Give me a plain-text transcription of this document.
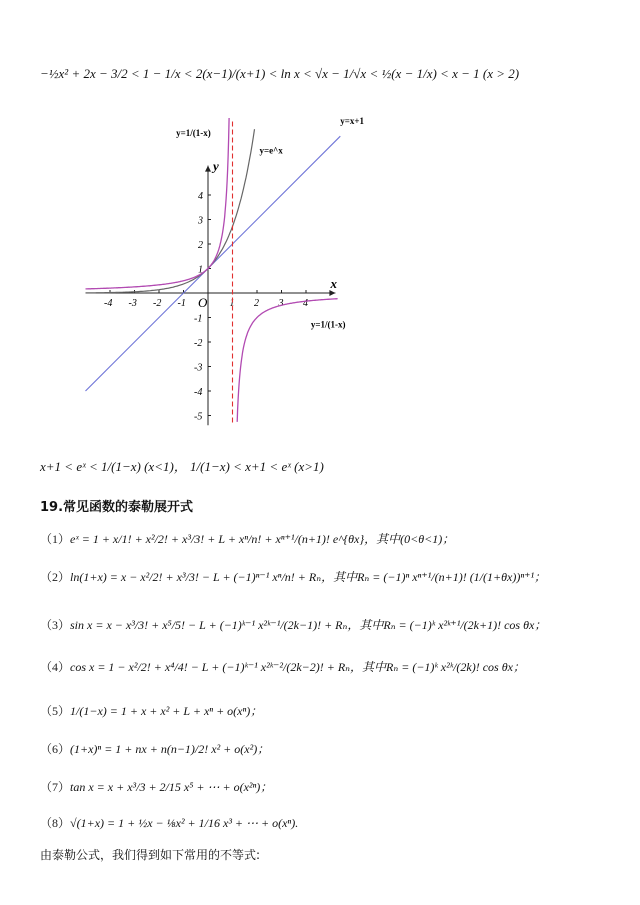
−½x² + 2x − 3/2 < 1 − 1/x < 2(x−1)/(x+1) < ln x < √x − 1/√x < ½(x − 1/x) < x − 1 (x > 2)
-4 -3 -2 -1	1 2 3 4
4
3
2
1
-1
-2
-3
-4
-5
x
y
O
y=1/(1-x)
y=e^x
y=x+1
y=1/(1-x)
x+1 < eˣ < 1/(1−x) (x<1)， 1/(1−x) < x+1 < eˣ (x>1)
19.常见函数的泰勒展开式
（1）eˣ = 1 + x/1! + x²/2! + x³/3! + L + xⁿ/n! + xⁿ⁺¹/(n+1)! e^{θx}，其中(0<θ<1)；
（2）ln(1+x) = x − x²/2! + x³/3! − L + (−1)ⁿ⁻¹ xⁿ/n! + Rₙ，其中Rₙ = (−1)ⁿ xⁿ⁺¹/(n+1)! (1/(1+θx))ⁿ⁺¹；
（3）sin x = x − x³/3! + x⁵/5! − L + (−1)ᵏ⁻¹ x²ᵏ⁻¹/(2k−1)! + Rₙ，其中Rₙ = (−1)ᵏ x²ᵏ⁺¹/(2k+1)! cos θx；
（4）cos x = 1 − x²/2! + x⁴/4! − L + (−1)ᵏ⁻¹ x²ᵏ⁻²/(2k−2)! + Rₙ，其中Rₙ = (−1)ᵏ x²ᵏ/(2k)! cos θx；
（5）1/(1−x) = 1 + x + x² + L + xⁿ + o(xⁿ)；
（6）(1+x)ⁿ = 1 + nx + n(n−1)/2! x² + o(x²)；
（7）tan x = x + x³/3 + 2/15 x⁵ + ⋯ + o(x²ⁿ)；
（8）√(1+x) = 1 + ½x − ⅛x² + 1/16 x³ + ⋯ + o(xⁿ).
由泰勒公式，我们得到如下常用的不等式:
